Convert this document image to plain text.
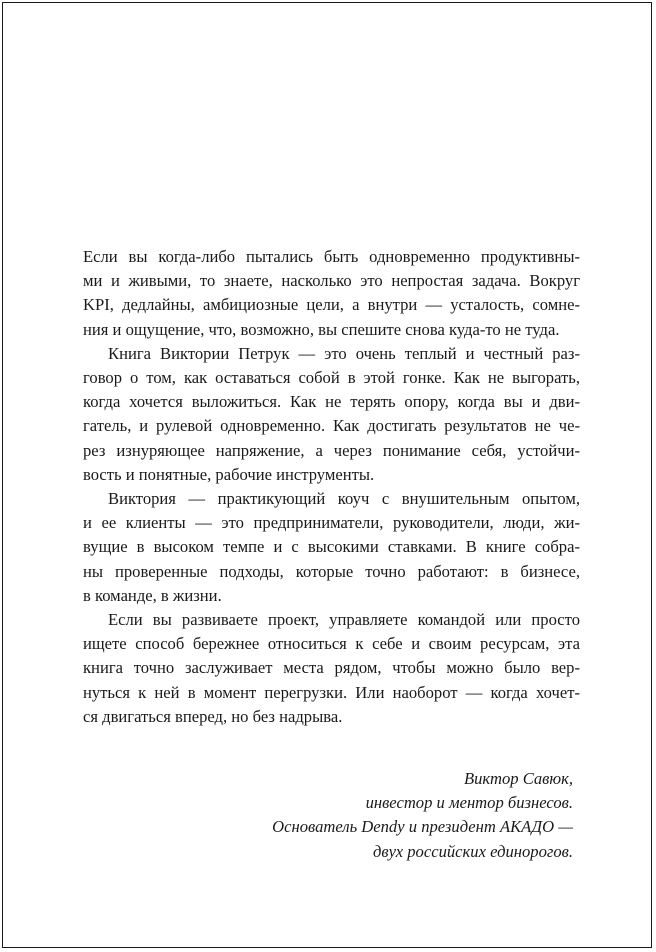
Если вы когда-либо пытались быть одновременно продуктивны-
ми и живыми, то знаете, насколько это непростая задача. Вокруг
KPI, дедлайны, амбициозные цели, а внутри — усталость, сомне-
ния и ощущение, что, возможно, вы спешите снова куда-то не туда.
Книга Виктории Петрук — это очень теплый и честный раз-
говор о том, как оставаться собой в этой гонке. Как не выгорать,
когда хочется выложиться. Как не терять опору, когда вы и дви-
гатель, и рулевой одновременно. Как достигать результатов не че-
рез изнуряющее напряжение, а через понимание себя, устойчи-
вость и понятные, рабочие инструменты.
Виктория — практикующий коуч с внушительным опытом,
и ее клиенты — это предприниматели, руководители, люди, жи-
вущие в высоком темпе и с высокими ставками. В книге собра-
ны проверенные подходы, которые точно работают: в бизнесе,
в команде, в жизни.
Если вы развиваете проект, управляете командой или просто
ищете способ бережнее относиться к себе и своим ресурсам, эта
книга точно заслуживает места рядом, чтобы можно было вер-
нуться к ней в момент перегрузки. Или наоборот — когда хочет-
ся двигаться вперед, но без надрыва.
Виктор Савюк,
инвестор и ментор бизнесов.
Основатель Dendy и президент АКАДО —
двух российских единорогов.
